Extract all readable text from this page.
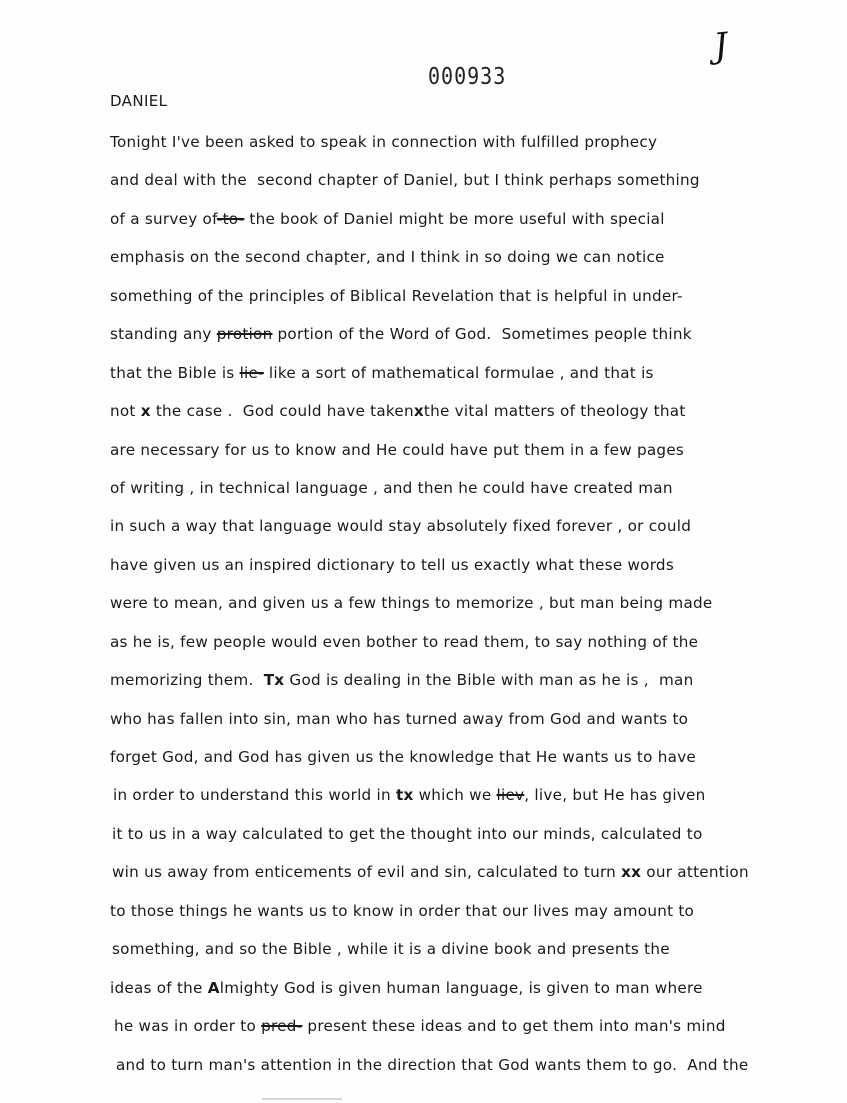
J
000933
DANIEL
Tonight I've been asked to speak in connection with fulfilled prophecy
and deal with the  second chapter of Daniel, but I think perhaps something
of a survey of-to- the book of Daniel might be more useful with special
emphasis on the second chapter, and I think in so doing we can notice
something of the principles of Biblical Revelation that is helpful in under-
standing any protion portion of the Word of God.  Sometimes people think
that the Bible is lie- like a sort of mathematical formulae , and that is
not x the case .  God could have takenxthe vital matters of theology that
are necessary for us to know and He could have put them in a few pages
of writing , in technical language , and then he could have created man
in such a way that language would stay absolutely fixed forever , or could
have given us an inspired dictionary to tell us exactly what these words
were to mean, and given us a few things to memorize , but man being made
as he is, few people would even bother to read them, to say nothing of the
memorizing them.  Tx God is dealing in the Bible with man as he is ,  man
who has fallen into sin, man who has turned away from God and wants to
forget God, and God has given us the knowledge that He wants us to have
in order to understand this world in tx which we liev, live, but He has given
it to us in a way calculated to get the thought into our minds, calculated to
win us away from enticements of evil and sin, calculated to turn xx our attention
to those things he wants us to know in order that our lives may amount to
something, and so the Bible , while it is a divine book and presents the
ideas of the Almighty God is given human language, is given to man where
he was in order to pred- present these ideas and to get them into man's mind
and to turn man's attention in the direction that God wants them to go.  And the
